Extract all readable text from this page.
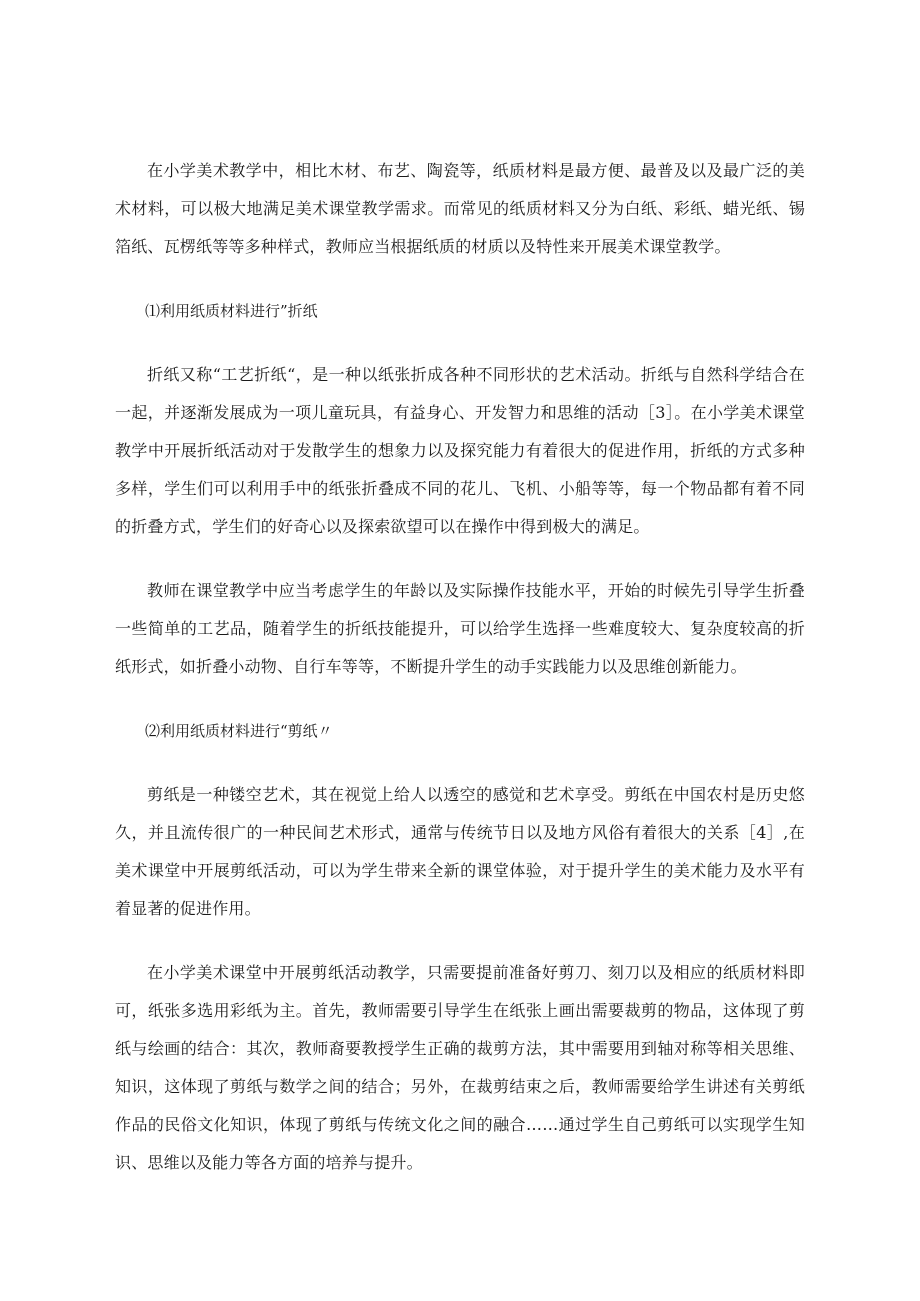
在小学美术教学中，相比木材、布艺、陶瓷等，纸质材料是最方便、最普及以及最广泛的美术材料，可以极大地满足美术课堂教学需求。而常见的纸质材料又分为白纸、彩纸、蜡光纸、锡箔纸、瓦楞纸等等多种样式，教师应当根据纸质的材质以及特性来开展美术课堂教学。

⑴利用纸质材料进行”折纸

折纸又称“工艺折纸“，是一种以纸张折成各种不同形状的艺术活动。折纸与自然科学结合在一起，并逐渐发展成为一项儿童玩具，有益身心、开发智力和思维的活动［3］。在小学美术课堂教学中开展折纸活动对于发散学生的想象力以及探究能力有着很大的促进作用，折纸的方式多种多样，学生们可以利用手中的纸张折叠成不同的花儿、飞机、小船等等，每一个物品都有着不同的折叠方式，学生们的好奇心以及探索欲望可以在操作中得到极大的满足。

教师在课堂教学中应当考虑学生的年龄以及实际操作技能水平，开始的时候先引导学生折叠一些简单的工艺品，随着学生的折纸技能提升，可以给学生选择一些难度较大、复杂度较高的折纸形式，如折叠小动物、自行车等等，不断提升学生的动手实践能力以及思维创新能力。

⑵利用纸质材料进行“剪纸〃

剪纸是一种镂空艺术，其在视觉上给人以透空的感觉和艺术享受。剪纸在中国农村是历史悠久，并且流传很广的一种民间艺术形式，通常与传统节日以及地方风俗有着很大的关系［4］,在美术课堂中开展剪纸活动，可以为学生带来全新的课堂体验，对于提升学生的美术能力及水平有着显著的促进作用。

在小学美术课堂中开展剪纸活动教学，只需要提前准备好剪刀、刻刀以及相应的纸质材料即可，纸张多选用彩纸为主。首先，教师需要引导学生在纸张上画出需要裁剪的物品，这体现了剪纸与绘画的结合：其次，教师裔要教授学生正确的裁剪方法，其中需要用到轴对称等相关思维、知识，这体现了剪纸与数学之间的结合；另外，在裁剪结束之后，教师需要给学生讲述有关剪纸作品的民俗文化知识，体现了剪纸与传统文化之间的融合……通过学生自己剪纸可以实现学生知识、思维以及能力等各方面的培养与提升。
